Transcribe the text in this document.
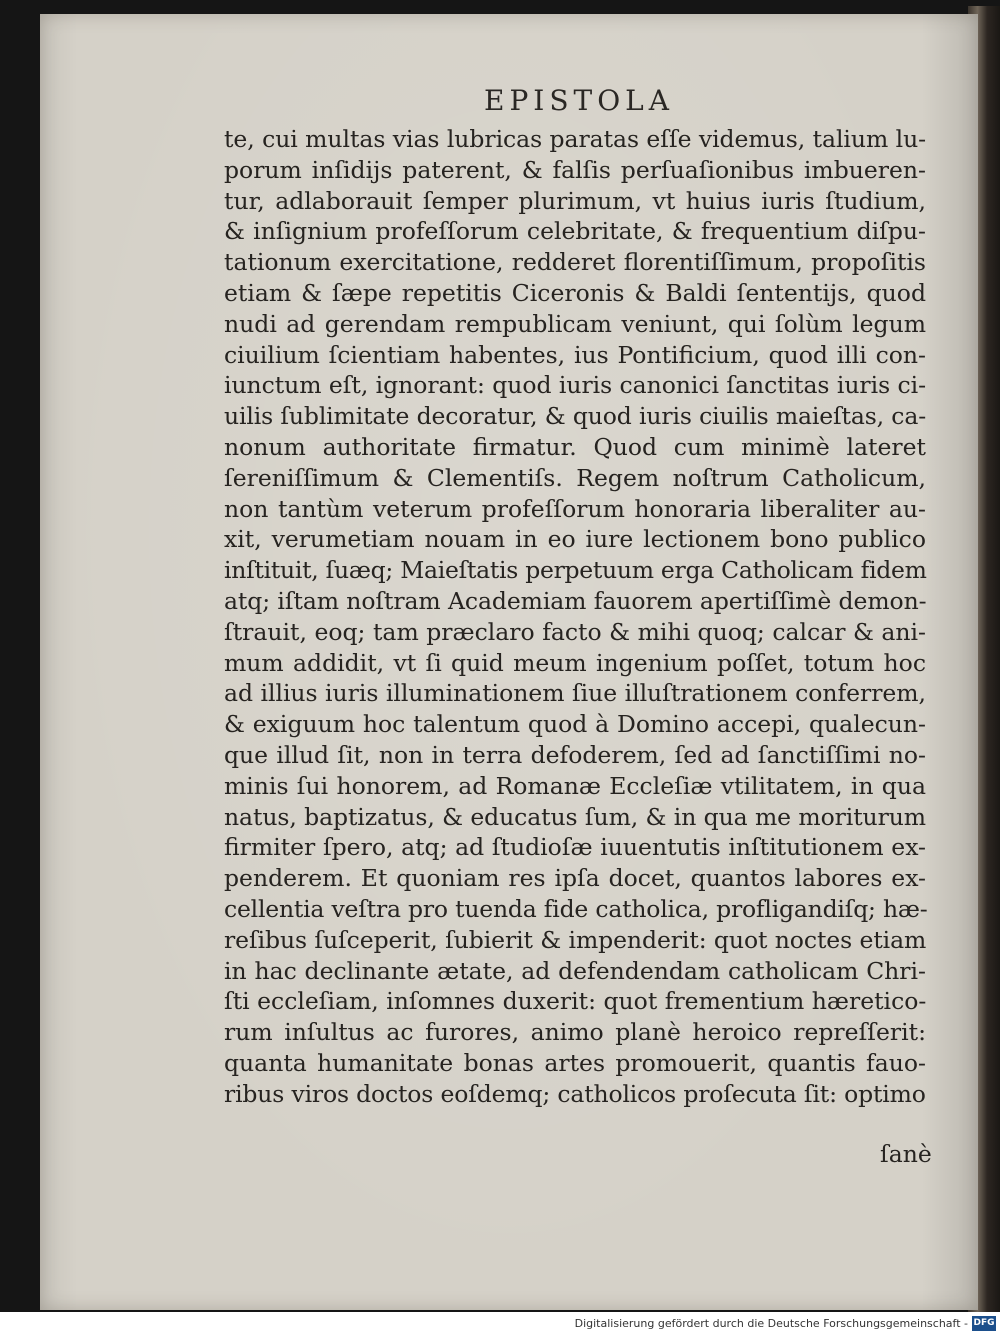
EPISTOLA
te, cui multas vias lubricas paratas eſſe videmus, talium lu-
porum inſidijs paterent, & falſis perſuaſionibus imbueren-
tur, adlaborauit ſemper plurimum, vt huius iuris ſtudium,
& inſignium profeſſorum celebritate, & frequentium diſpu-
tationum exercitatione, redderet florentiſſimum, propoſitis
etiam & ſæpe repetitis Ciceronis & Baldi ſententijs, quod
nudi ad gerendam rempublicam veniunt, qui ſolùm legum
ciuilium ſcientiam habentes, ius Pontificium, quod illi con-
iunctum eſt, ignorant: quod iuris canonici ſanctitas iuris ci-
uilis ſublimitate decoratur, & quod iuris ciuilis maieſtas, ca-
nonum authoritate firmatur. Quod cum minimè lateret
ſereniſſimum & Clementiſs. Regem noſtrum Catholicum,
non tantùm veterum profeſſorum honoraria liberaliter au-
xit, verumetiam nouam in eo iure lectionem bono publico
inſtituit, ſuæq; Maieſtatis perpetuum erga Catholicam fidem
atq; iſtam noſtram Academiam fauorem apertiſſimè demon-
ſtrauit, eoq; tam præclaro facto & mihi quoq; calcar & ani-
mum addidit, vt ſi quid meum ingenium poſſet, totum hoc
ad illius iuris illuminationem ſiue illuſtrationem conferrem,
& exiguum hoc talentum quod à Domino accepi, qualecun-
que illud ſit, non in terra defoderem, ſed ad ſanctiſſimi no-
minis ſui honorem, ad Romanæ Eccleſiæ vtilitatem, in qua
natus, baptizatus, & educatus ſum, & in qua me moriturum
firmiter ſpero, atq; ad ſtudioſæ iuuentutis inſtitutionem ex-
penderem. Et quoniam res ipſa docet, quantos labores ex-
cellentia veſtra pro tuenda fide catholica, profligandiſq; hæ-
reſibus ſuſceperit, ſubierit & impenderit: quot noctes etiam
in hac declinante ætate, ad defendendam catholicam Chri-
ſti eccleſiam, inſomnes duxerit: quot frementium hæretico-
rum inſultus ac furores, animo planè heroico repreſſerit:
quanta humanitate bonas artes promouerit, quantis fauo-
ribus viros doctos eoſdemq; catholicos proſecuta ſit: optimo
ſanè
Digitalisierung gefördert durch die Deutsche Forschungsgemeinschaft - DFG
